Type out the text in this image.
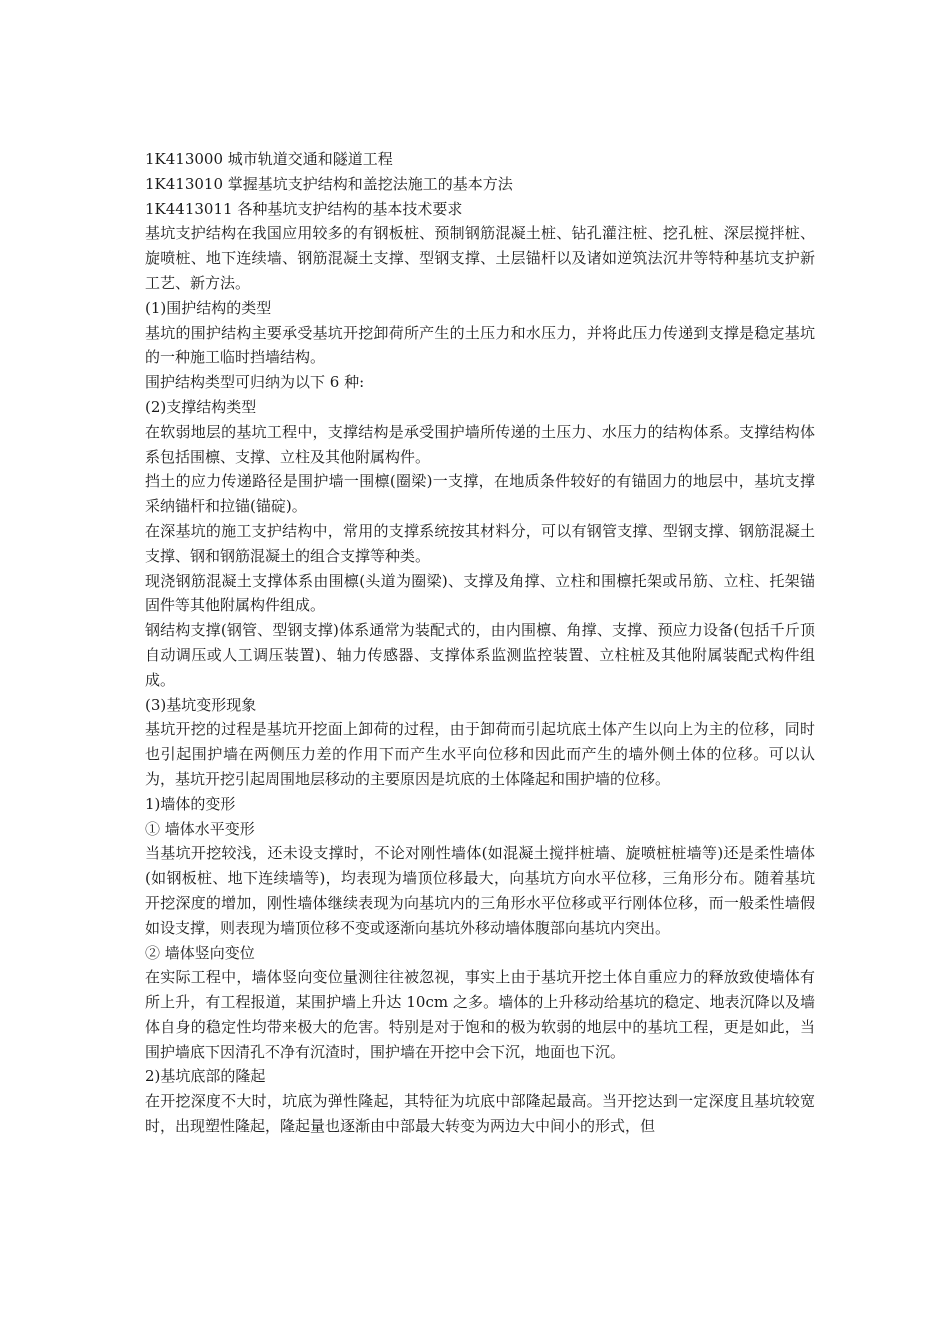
1K413000 城市轨道交通和隧道工程

1K413010 掌握基坑支护结构和盖挖法施工的基本方法

1K4413011 各种基坑支护结构的基本技术要求

基坑支护结构在我国应用较多的有钢板桩、预制钢筋混凝土桩、钻孔灌注桩、挖孔桩、深层搅拌桩、旋喷桩、地下连续墙、钢筋混凝土支撑、型钢支撑、土层锚杆以及诸如逆筑法沉井等特种基坑支护新工艺、新方法。

(1)围护结构的类型

基坑的围护结构主要承受基坑开挖卸荷所产生的土压力和水压力，并将此压力传递到支撑是稳定基坑的一种施工临时挡墙结构。

围护结构类型可归纳为以下 6 种:

(2)支撑结构类型

在软弱地层的基坑工程中，支撑结构是承受围护墙所传递的土压力、水压力的结构体系。支撑结构体系包括围檩、支撑、立柱及其他附属构件。

挡土的应力传递路径是围护墙一围檩(圈梁)一支撑，在地质条件较好的有锚固力的地层中，基坑支撑采纳锚杆和拉锚(锚碇)。

在深基坑的施工支护结构中，常用的支撑系统按其材料分，可以有钢管支撑、型钢支撑、钢筋混凝土支撑、钢和钢筋混凝土的组合支撑等种类。

现浇钢筋混凝土支撑体系由围檩(头道为圈梁)、支撑及角撑、立柱和围檩托架或吊筋、立柱、托架锚固件等其他附属构件组成。

钢结构支撑(钢管、型钢支撑)体系通常为装配式的，由内围檩、角撑、支撑、预应力设备(包括千斤顶自动调压或人工调压装置)、轴力传感器、支撑体系监测监控装置、立柱桩及其他附属装配式构件组成。

(3)基坑变形现象

基坑开挖的过程是基坑开挖面上卸荷的过程，由于卸荷而引起坑底土体产生以向上为主的位移，同时也引起围护墙在两侧压力差的作用下而产生水平向位移和因此而产生的墙外侧土体的位移。可以认为，基坑开挖引起周围地层移动的主要原因是坑底的土体隆起和围护墙的位移。

1)墙体的变形

① 墙体水平变形

当基坑开挖较浅，还未设支撑时，不论对刚性墙体(如混凝土搅拌桩墙、旋喷桩桩墙等)还是柔性墙体(如钢板桩、地下连续墙等)，均表现为墙顶位移最大，向基坑方向水平位移，三角形分布。随着基坑开挖深度的增加，刚性墙体继续表现为向基坑内的三角形水平位移或平行刚体位移，而一般柔性墙假如设支撑，则表现为墙顶位移不变或逐渐向基坑外移动墙体腹部向基坑内突出。

② 墙体竖向变位

在实际工程中，墙体竖向变位量测往往被忽视，事实上由于基坑开挖土体自重应力的释放致使墙体有所上升，有工程报道，某围护墙上升达 10cm 之多。墙体的上升移动给基坑的稳定、地表沉降以及墙体自身的稳定性均带来极大的危害。特别是对于饱和的极为软弱的地层中的基坑工程，更是如此，当围护墙底下因清孔不净有沉渣时，围护墙在开挖中会下沉，地面也下沉。

2)基坑底部的隆起

在开挖深度不大时，坑底为弹性隆起，其特征为坑底中部隆起最高。当开挖达到一定深度且基坑较宽时，出现塑性隆起，隆起量也逐渐由中部最大转变为两边大中间小的形式，但
